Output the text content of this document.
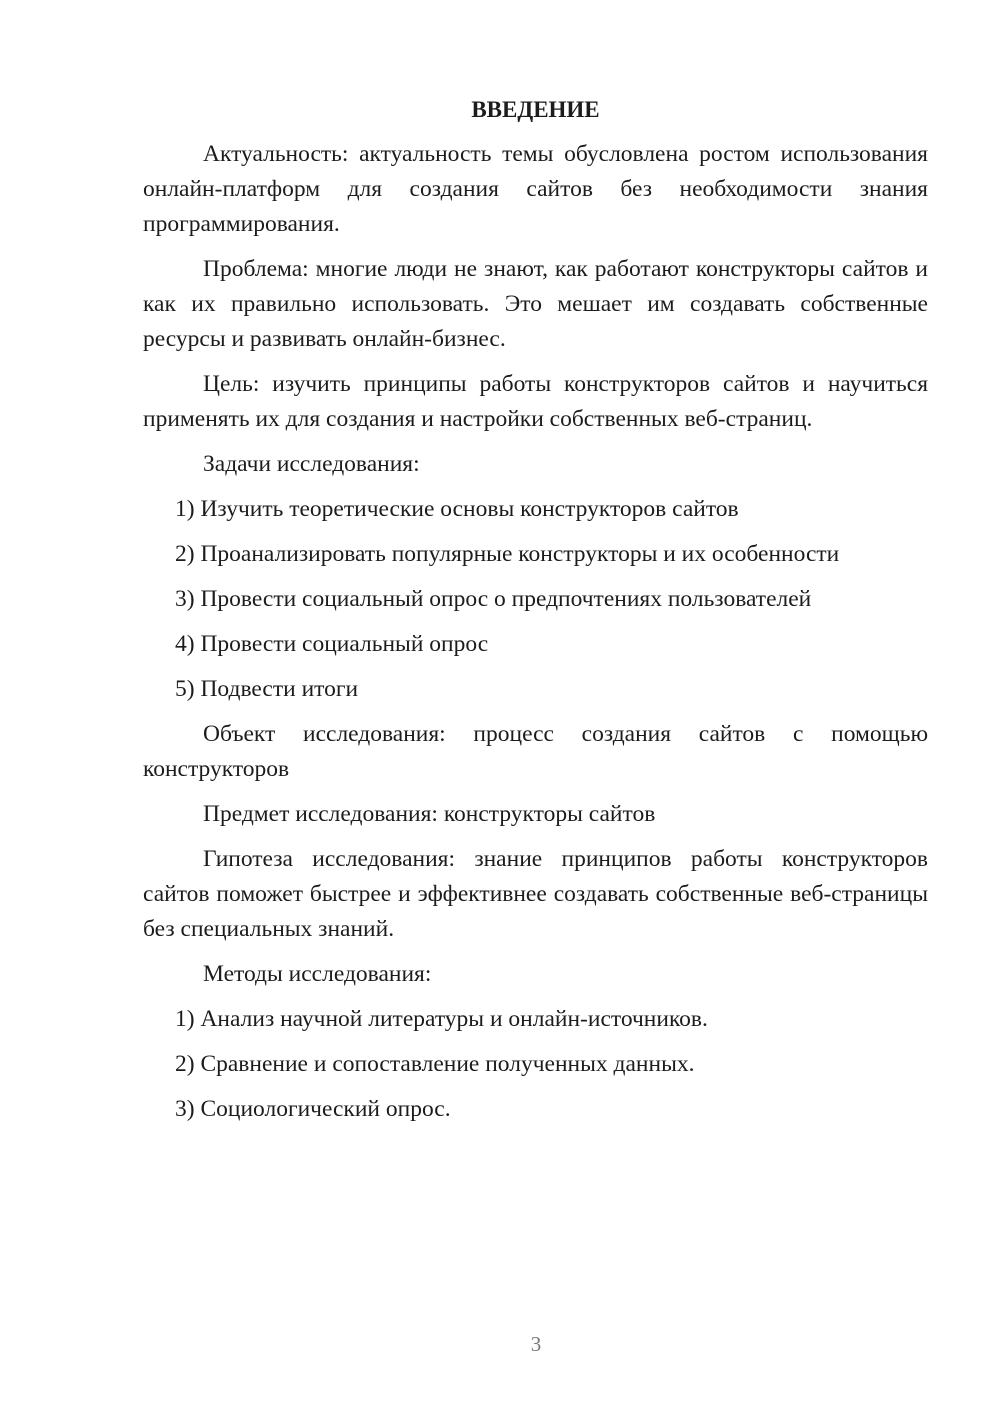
ВВЕДЕНИЕ

Актуальность: актуальность темы обусловлена ростом использования онлайн-платформ для создания сайтов без необходимости знания программирования.

Проблема: многие люди не знают, как работают конструкторы сайтов и как их правильно использовать. Это мешает им создавать собственные ресурсы и развивать онлайн-бизнес.

Цель: изучить принципы работы конструкторов сайтов и научиться применять их для создания и настройки собственных веб-страниц.

Задачи исследования:

1) Изучить теоретические основы конструкторов сайтов
2) Проанализировать популярные конструкторы и их особенности
3) Провести социальный опрос о предпочтениях пользователей
4) Провести социальный опрос
5) Подвести итоги

Объект исследования: процесс создания сайтов с помощью конструкторов

Предмет исследования: конструкторы сайтов

Гипотеза исследования: знание принципов работы конструкторов сайтов поможет быстрее и эффективнее создавать собственные веб-страницы без специальных знаний.

Методы исследования:

1) Анализ научной литературы и онлайн-источников.
2) Сравнение и сопоставление полученных данных.
3) Социологический опрос.
3
